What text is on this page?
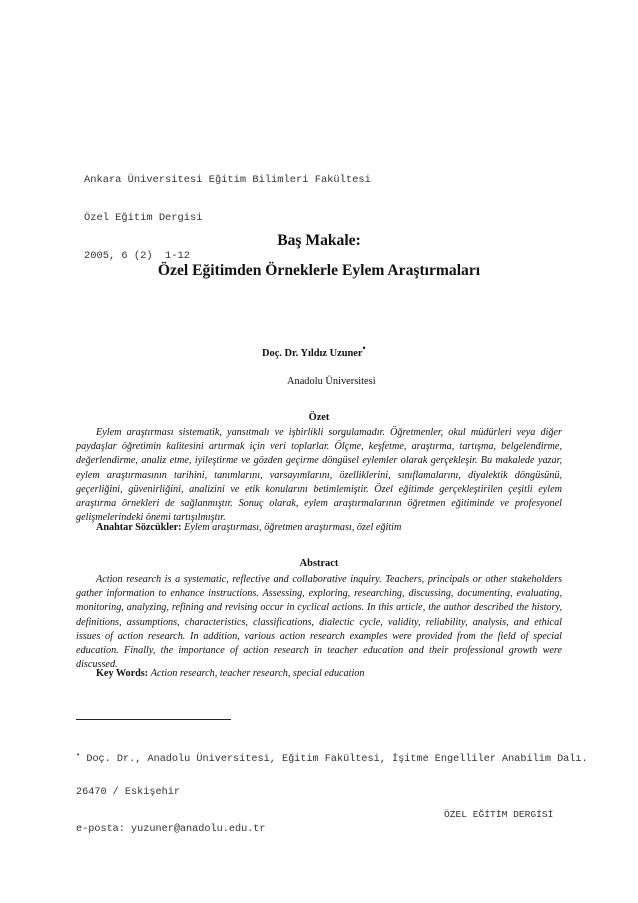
Ankara Üniversitesi Eğitim Bilimleri Fakültesi

Özel Eğitim Dergisi

2005, 6 (2)  1-12

Baş Makale:
Özel Eğitimden Örneklerle Eylem Araştırmaları
Doç. Dr. Yıldız Uzuner•
Anadolu Üniversitesi
Özet

Eylem araştırması sistematik, yansıtmalı ve işbirlikli sorgulamadır. Öğretmenler, okul müdürleri veya diğer paydaşlar öğretimin kalitesini artırmak için veri toplarlar. Ölçme, keşfetme, araştırma, tartışma, belgelendirme, değerlendirme, analiz etme, iyileştirme ve gözden geçirme döngüsel eylemler olarak gerçekleşir. Bu makalede yazar, eylem araştırmasının tarihini, tanımlarını, varsayımlarını, özelliklerini, sınıflamalarını, diyalektik döngüsünü, geçerliğini, güvenirliğini, analizini ve etik konularını betimlemiştir. Özel eğitimde gerçekleştirilen çeşitli eylem araştırma örnekleri de sağlanmıştır. Sonuç olarak, eylem araştırmalarının öğretmen eğitiminde ve profesyonel gelişmelerindeki önemi tartışılmıştır.

Anahtar Sözcükler: Eylem araştırması, öğretmen araştırması, özel eğitim
Abstract

Action research is a systematic, reflective and collaborative inquiry. Teachers, principals or other stakeholders gather information to enhance instructions. Assessing, exploring, researching, discussing, documenting, evaluating, monitoring, analyzing, refining and revising occur in cyclical actions. In this article, the author described the history, definitions, assumptions, characteristics, classifications, dialectic cycle, validity, reliability, analysis, and ethical issues of action research. In addition, various action research examples were provided from the field of special education. Finally, the importance of action research in teacher education and their professional growth were discussed.

Key Words: Action research, teacher research, special education

• Doç. Dr., Anadolu Üniversitesi, Eğitim Fakültesi, İşitme Engelliler Anabilim Dalı.

26470 / Eskişehir

e-posta: yuzuner@anadolu.edu.tr

ÖZEL EĞİTİM DERGİSİ
